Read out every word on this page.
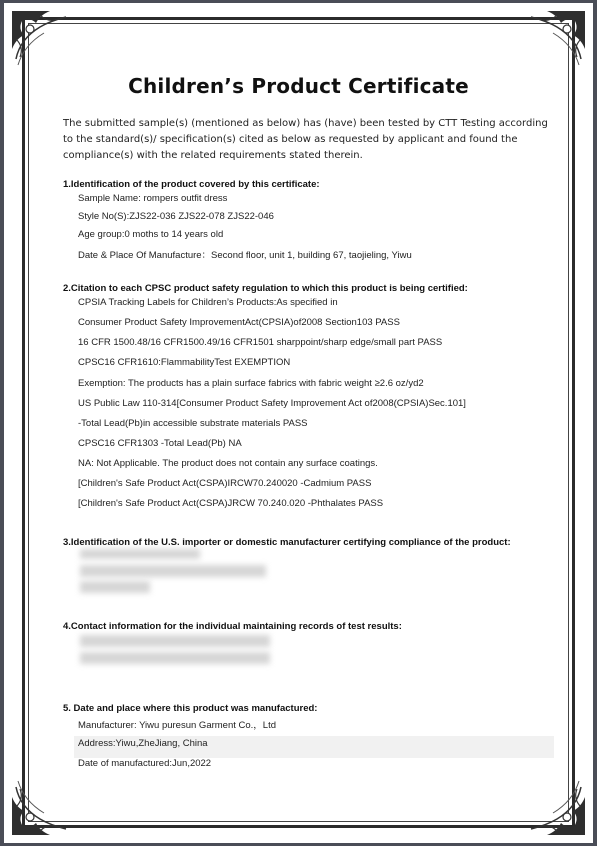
Children’s Product Certificate
The submitted sample(s) (mentioned as below) has (have) been tested by CTT Testing according to the standard(s)/ specification(s) cited as below as requested by applicant and found the compliance(s) with the related requirements stated therein.
1.Identification of the product covered by this certificate:
Sample Name: rompers outfit dress
Style No(S):ZJS22-036 ZJS22-078 ZJS22-046
Age group:0 moths to 14 years old
Date & Place Of Manufacture：Second floor, unit 1, building 67, taojieling, Yiwu
2.Citation to each CPSC product safety regulation to which this product is being certified:
CPSIA Tracking Labels for Children’s Products:As specified in
Consumer Product Safety ImprovementAct(CPSIA)of2008 Section103 PASS
16 CFR 1500.48/16 CFR1500.49/16 CFR1501 sharppoint/sharp edge/small part PASS
CPSC16 CFR1610:FlammabilityTest EXEMPTION
Exemption: The products has a plain surface fabrics with fabric weight ≥2.6 oz/yd2
US Public Law 110-314[Consumer Product Safety Improvement Act of2008(CPSIA)Sec.101]
-Total Lead(Pb)in accessible substrate materials PASS
CPSC16 CFR1303 -Total Lead(Pb) NA
NA: Not Applicable. The product does not contain any surface coatings.
[Children's Safe Product Act(CSPA)IRCW70.240020 -Cadmium PASS
[Children's Safe Product Act(CSPA)JRCW 70.240.020 -Phthalates PASS
3.Identification of the U.S. importer or domestic manufacturer certifying compliance of the product:
4.Contact information for the individual maintaining records of test results:
5. Date and place where this product was manufactured:
Manufacturer: Yiwu puresun Garment Co.，Ltd
Address:Yiwu,ZheJiang, China
Date of manufactured:Jun,2022
